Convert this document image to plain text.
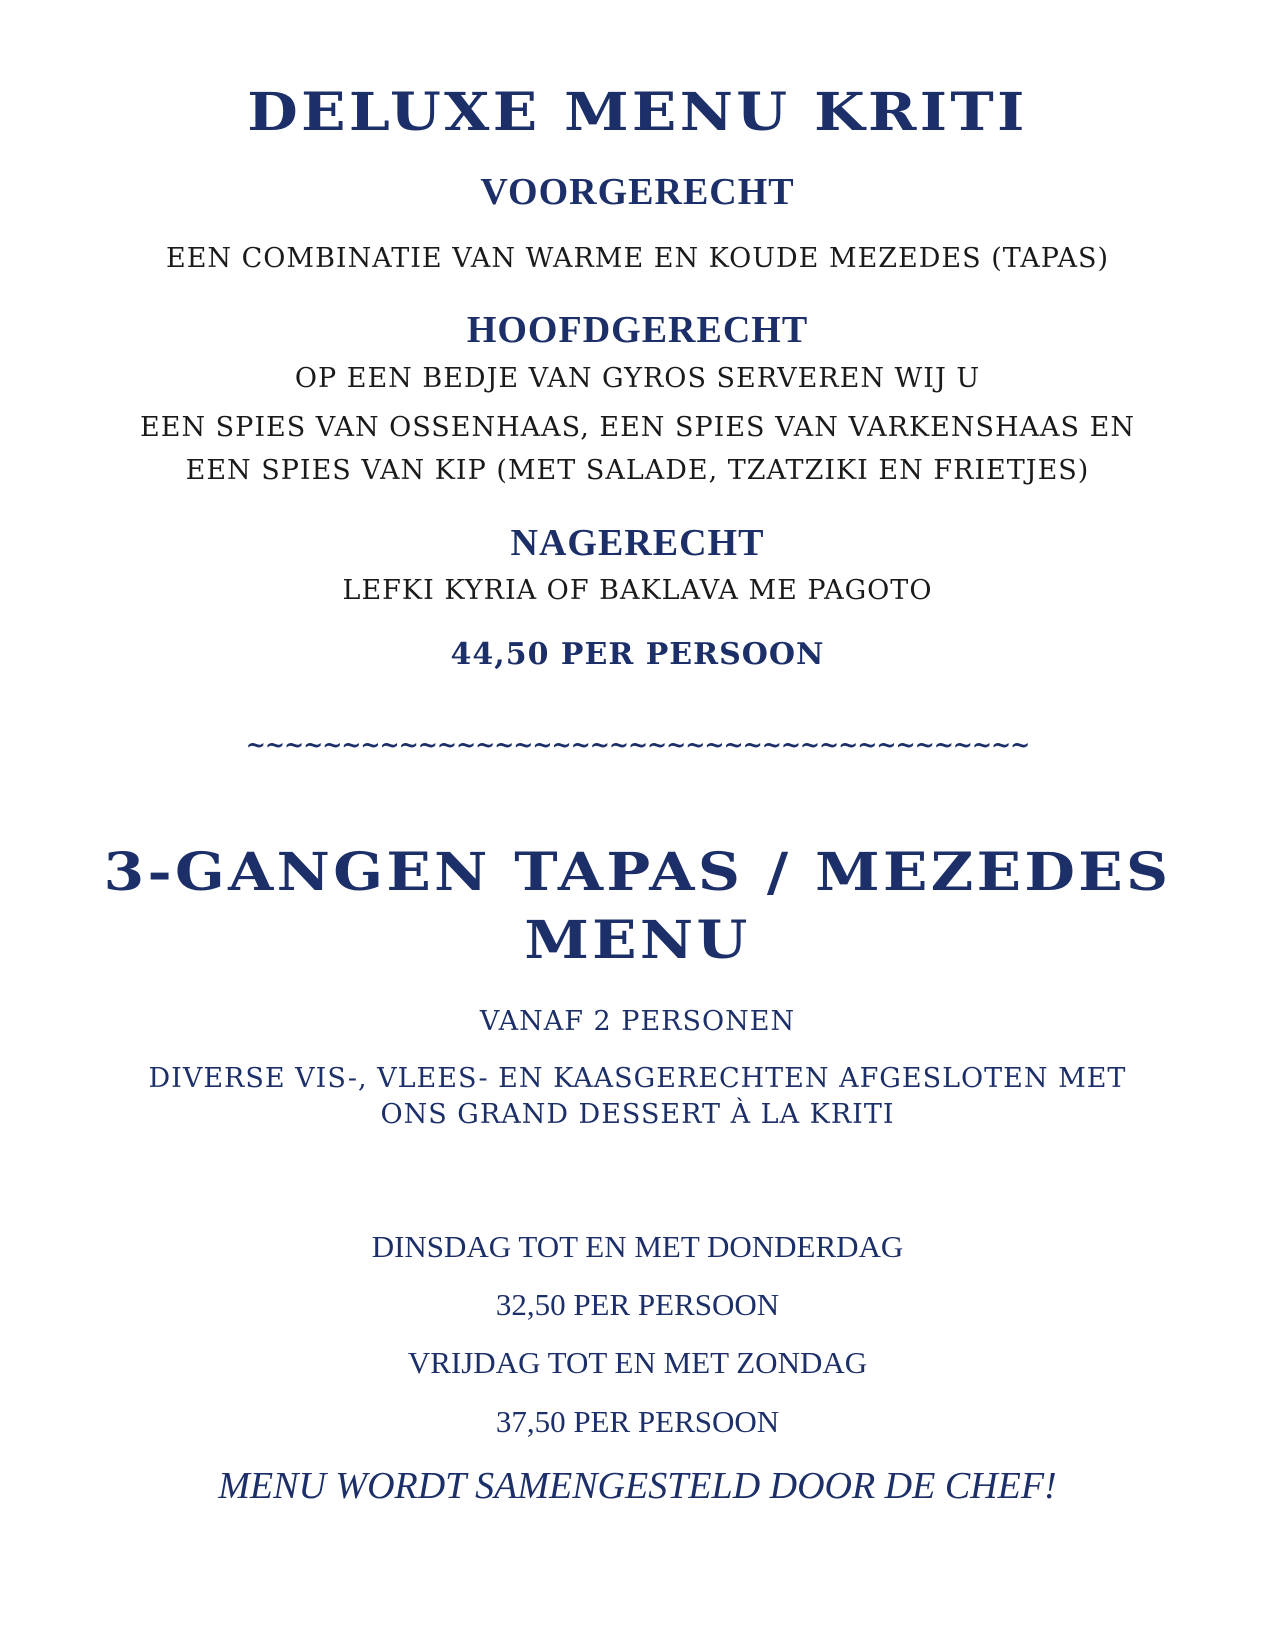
DELUXE MENU KRITI
VOORGERECHT
EEN COMBINATIE VAN WARME EN KOUDE MEZEDES (TAPAS)
HOOFDGERECHT
OP EEN BEDJE VAN GYROS SERVEREN WIJ U
EEN SPIES VAN OSSENHAAS, EEN SPIES VAN VARKENSHAAS EN
EEN SPIES VAN KIP (MET SALADE, TZATZIKI EN FRIETJES)
NAGERECHT
LEFKI KYRIA OF BAKLAVA ME PAGOTO
44,50 PER PERSOON
~~~~~~~~~~~~~~~~~~~~~~~~~~~~~~~~~~~~~~~~~
3-GANGEN TAPAS / MEZEDES
MENU
VANAF 2 PERSONEN
DIVERSE VIS-, VLEES- EN KAASGERECHTEN AFGESLOTEN MET
ONS GRAND DESSERT À LA KRITI
DINSDAG TOT EN MET DONDERDAG
32,50 PER PERSOON
VRIJDAG TOT EN MET ZONDAG
37,50 PER PERSOON
MENU WORDT SAMENGESTELD DOOR DE CHEF!
